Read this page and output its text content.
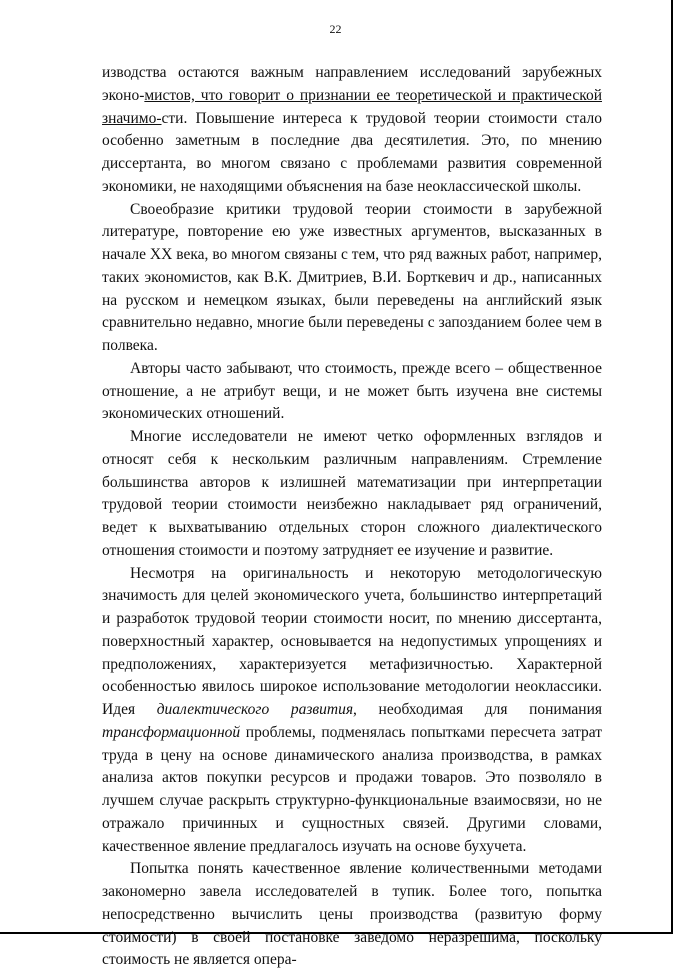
22

изводства остаются важным направлением исследований зарубежных эконо-мистов, что говорит о признании ее теоретической и практической значимо-сти. Повышение интереса к трудовой теории стоимости стало особенно заметным в последние два десятилетия. Это, по мнению диссертанта, во многом связано с проблемами развития современной экономики, не находящими объяснения на базе неоклассической школы.

Своеобразие критики трудовой теории стоимости в зарубежной литературе, повторение ею уже известных аргументов, высказанных в начале XX века, во многом связаны с тем, что ряд важных работ, например, таких экономистов, как В.К. Дмитриев, В.И. Борткевич и др., написанных на русском и немецком языках, были переведены на английский язык сравнительно недавно, многие были переведены с запозданием более чем в полвека.

Авторы часто забывают, что стоимость, прежде всего – общественное отношение, а не атрибут вещи, и не может быть изучена вне системы экономических отношений.

Многие исследователи не имеют четко оформленных взглядов и относят себя к нескольким различным направлениям. Стремление большинства авторов к излишней математизации при интерпретации трудовой теории стоимости неизбежно накладывает ряд ограничений, ведет к выхватыванию отдельных сторон сложного диалектического отношения стоимости и поэтому затрудняет ее изучение и развитие.

Несмотря на оригинальность и некоторую методологическую значимость для целей экономического учета, большинство интерпретаций и разработок трудовой теории стоимости носит, по мнению диссертанта, поверхностный характер, основывается на недопустимых упрощениях и предположениях, характеризуется метафизичностью. Характерной особенностью явилось широкое использование методологии неоклассики. Идея диалектического развития, необходимая для понимания трансформационной проблемы, подменялась попытками пересчета затрат труда в цену на основе динамического анализа производства, в рамках анализа актов покупки ресурсов и продажи товаров. Это позволяло в лучшем случае раскрыть структурно-функциональные взаимосвязи, но не отражало причинных и сущностных связей. Другими словами, качественное явление предлагалось изучать на основе бухучета.

Попытка понять качественное явление количественными методами закономерно завела исследователей в тупик. Более того, попытка непосредственно вычислить цены производства (развитую форму стоимости) в своей постановке заведомо неразрешима, поскольку стоимость не является опера-
